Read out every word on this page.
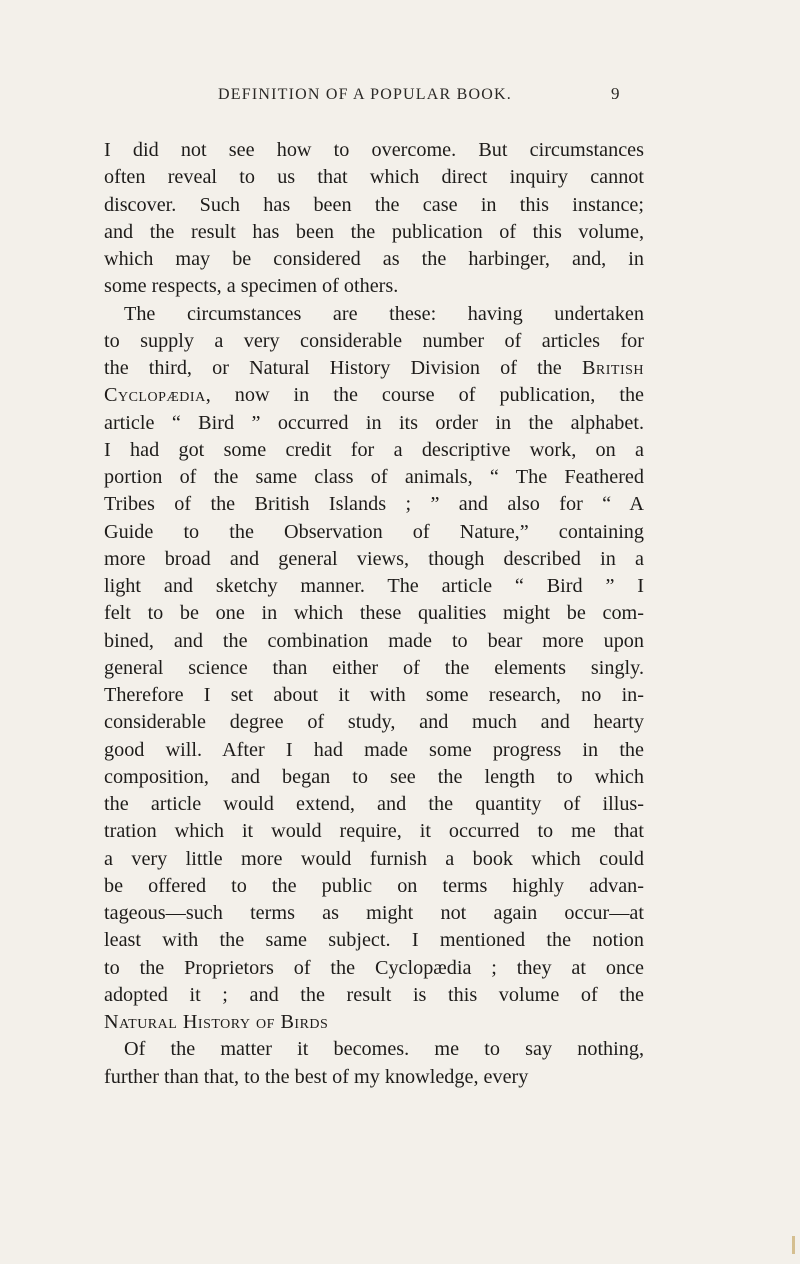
DEFINITION OF A POPULAR BOOK.	9
I did not see how to overcome. But circumstances
often reveal to us that which direct inquiry cannot
discover. Such has been the case in this instance;
and the result has been the publication of this volume,
which may be considered as the harbinger, and, in
some respects, a specimen of others.
The circumstances are these: having undertaken
to supply a very considerable number of articles for
the third, or Natural History Division of the British
Cyclopædia, now in the course of publication, the
article “ Bird ” occurred in its order in the alphabet.
I had got some credit for a descriptive work, on a
portion of the same class of animals, “ The Feathered
Tribes of the British Islands ; ” and also for “ A
Guide to the Observation of Nature,” containing
more broad and general views, though described in a
light and sketchy manner. The article “ Bird ” I
felt to be one in which these qualities might be com-
bined, and the combination made to bear more upon
general science than either of the elements singly.
Therefore I set about it with some research, no in-
considerable degree of study, and much and hearty
good will. After I had made some progress in the
composition, and began to see the length to which
the article would extend, and the quantity of illus-
tration which it would require, it occurred to me that
a very little more would furnish a book which could
be offered to the public on terms highly advan-
tageous—such terms as might not again occur—at
least with the same subject. I mentioned the notion
to the Proprietors of the Cyclopædia ; they at once
adopted it ; and the result is this volume of the
Natural History of Birds
Of the matter it becomes. me to say nothing,
further than that, to the best of my knowledge, every
